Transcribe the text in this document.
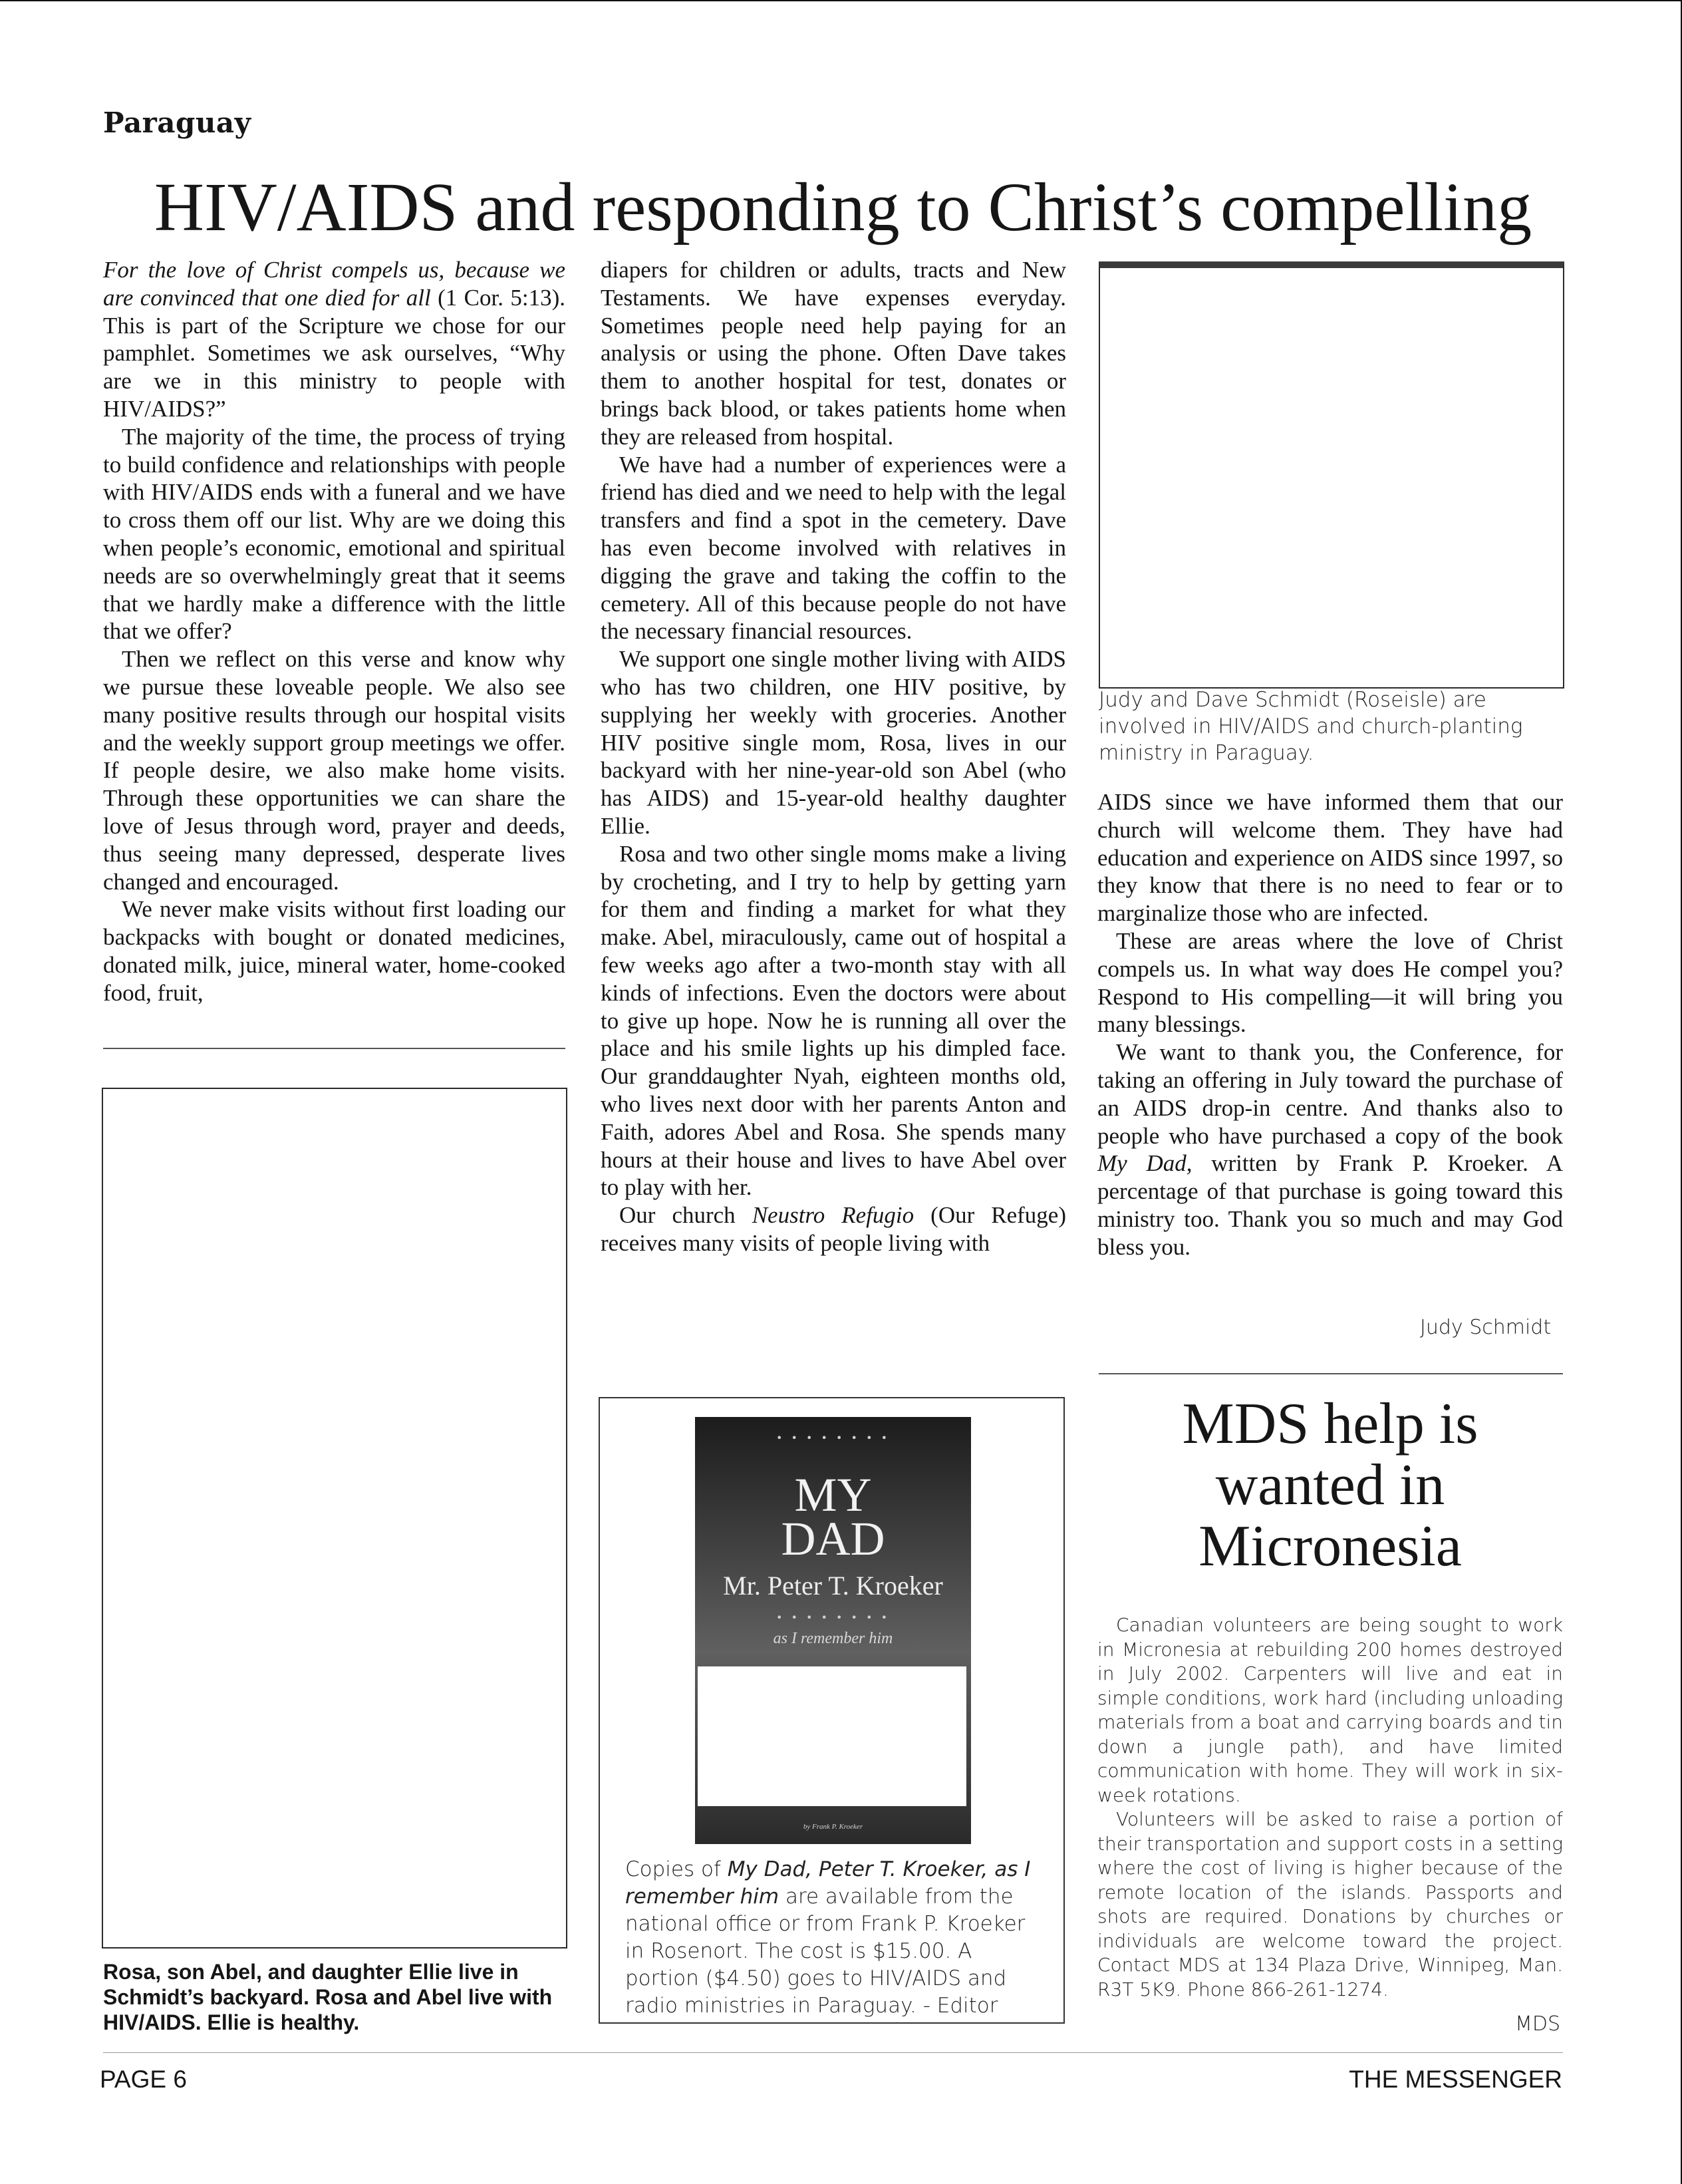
Paraguay
HIV/AIDS and responding to Christ’s compelling

For the love of Christ compels us, because we are convinced that one died for all (1 Cor. 5:13). This is part of the Scripture we chose for our pamphlet. Sometimes we ask ourselves, “Why are we in this ministry to people with HIV/AIDS?”

The majority of the time, the process of trying to build confidence and relationships with people with HIV/AIDS ends with a funeral and we have to cross them off our list. Why are we doing this when people’s economic, emotional and spiritual needs are so overwhelmingly great that it seems that we hardly make a difference with the little that we offer?

Then we reflect on this verse and know why we pursue these loveable people. We also see many positive results through our hospital visits and the weekly support group meetings we offer. If people desire, we also make home visits. Through these opportunities we can share the love of Jesus through word, prayer and deeds, thus seeing many depressed, desperate lives changed and encouraged.

We never make visits without first loading our backpacks with bought or donated medicines, donated milk, juice, mineral water, home-cooked food, fruit,

Rosa, son Abel, and daughter Ellie live in Schmidt’s backyard. Rosa and Abel live with HIV/AIDS. Ellie is healthy.

diapers for children or adults, tracts and New Testaments. We have expenses everyday. Sometimes people need help paying for an analysis or using the phone. Often Dave takes them to another hospital for test, donates or brings back blood, or takes patients home when they are released from hospital.

We have had a number of experiences were a friend has died and we need to help with the legal transfers and find a spot in the cemetery. Dave has even become involved with relatives in digging the grave and taking the coffin to the cemetery. All of this because people do not have the necessary financial resources.

We support one single mother living with AIDS who has two children, one HIV positive, by supplying her weekly with groceries. Another HIV positive single mom, Rosa, lives in our backyard with her nine-year-old son Abel (who has AIDS) and 15-year-old healthy daughter Ellie.

Rosa and two other single moms make a living by crocheting, and I try to help by getting yarn for them and finding a market for what they make. Abel, miraculously, came out of hospital a few weeks ago after a two-month stay with all kinds of infections. Even the doctors were about to give up hope. Now he is running all over the place and his smile lights up his dimpled face. Our granddaughter Nyah, eighteen months old, who lives next door with her parents Anton and Faith, adores Abel and Rosa. She spends many hours at their house and lives to have Abel over to play with her.

Our church Neustro Refugio (Our Refuge) receives many visits of people living with

Judy and Dave Schmidt (Roseisle) are involved in HIV/AIDS and church-planting ministry in Paraguay.

AIDS since we have informed them that our church will welcome them. They have had education and experience on AIDS since 1997, so they know that there is no need to fear or to marginalize those who are infected.

These are areas where the love of Christ compels us. In what way does He compel you? Respond to His compelling—it will bring you many blessings.

We want to thank you, the Conference, for taking an offering in July toward the purchase of an AIDS drop-in centre. And thanks also to people who have purchased a copy of the book My Dad, written by Frank P. Kroeker. A percentage of that purchase is going toward this ministry too. Thank you so much and may God bless you.

Judy Schmidt
• • • • • • • •
MY
DAD
Mr. Peter T. Kroeker
• • • • • • • •
as I remember him
by Frank P. Kroeker
Copies of My Dad, Peter T. Kroeker, as I remember him are available from the national office or from Frank P. Kroeker in Rosenort. The cost is $15.00. A portion ($4.50) goes to HIV/AIDS and radio ministries in Paraguay. - Editor
MDS help is wanted in Micronesia

Canadian volunteers are being sought to work in Micronesia at rebuilding 200 homes destroyed in July 2002. Carpenters will live and eat in simple conditions, work hard (including unloading materials from a boat and carrying boards and tin down a jungle path), and have limited communication with home. They will work in six-week rotations.

Volunteers will be asked to raise a portion of their transportation and support costs in a setting where the cost of living is higher because of the remote location of the islands. Passports and shots are required. Donations by churches or individuals are welcome toward the project. Contact MDS at 134 Plaza Drive, Winnipeg, Man. R3T 5K9. Phone 866-261-1274.

MDS
PAGE 6	THE MESSENGER
